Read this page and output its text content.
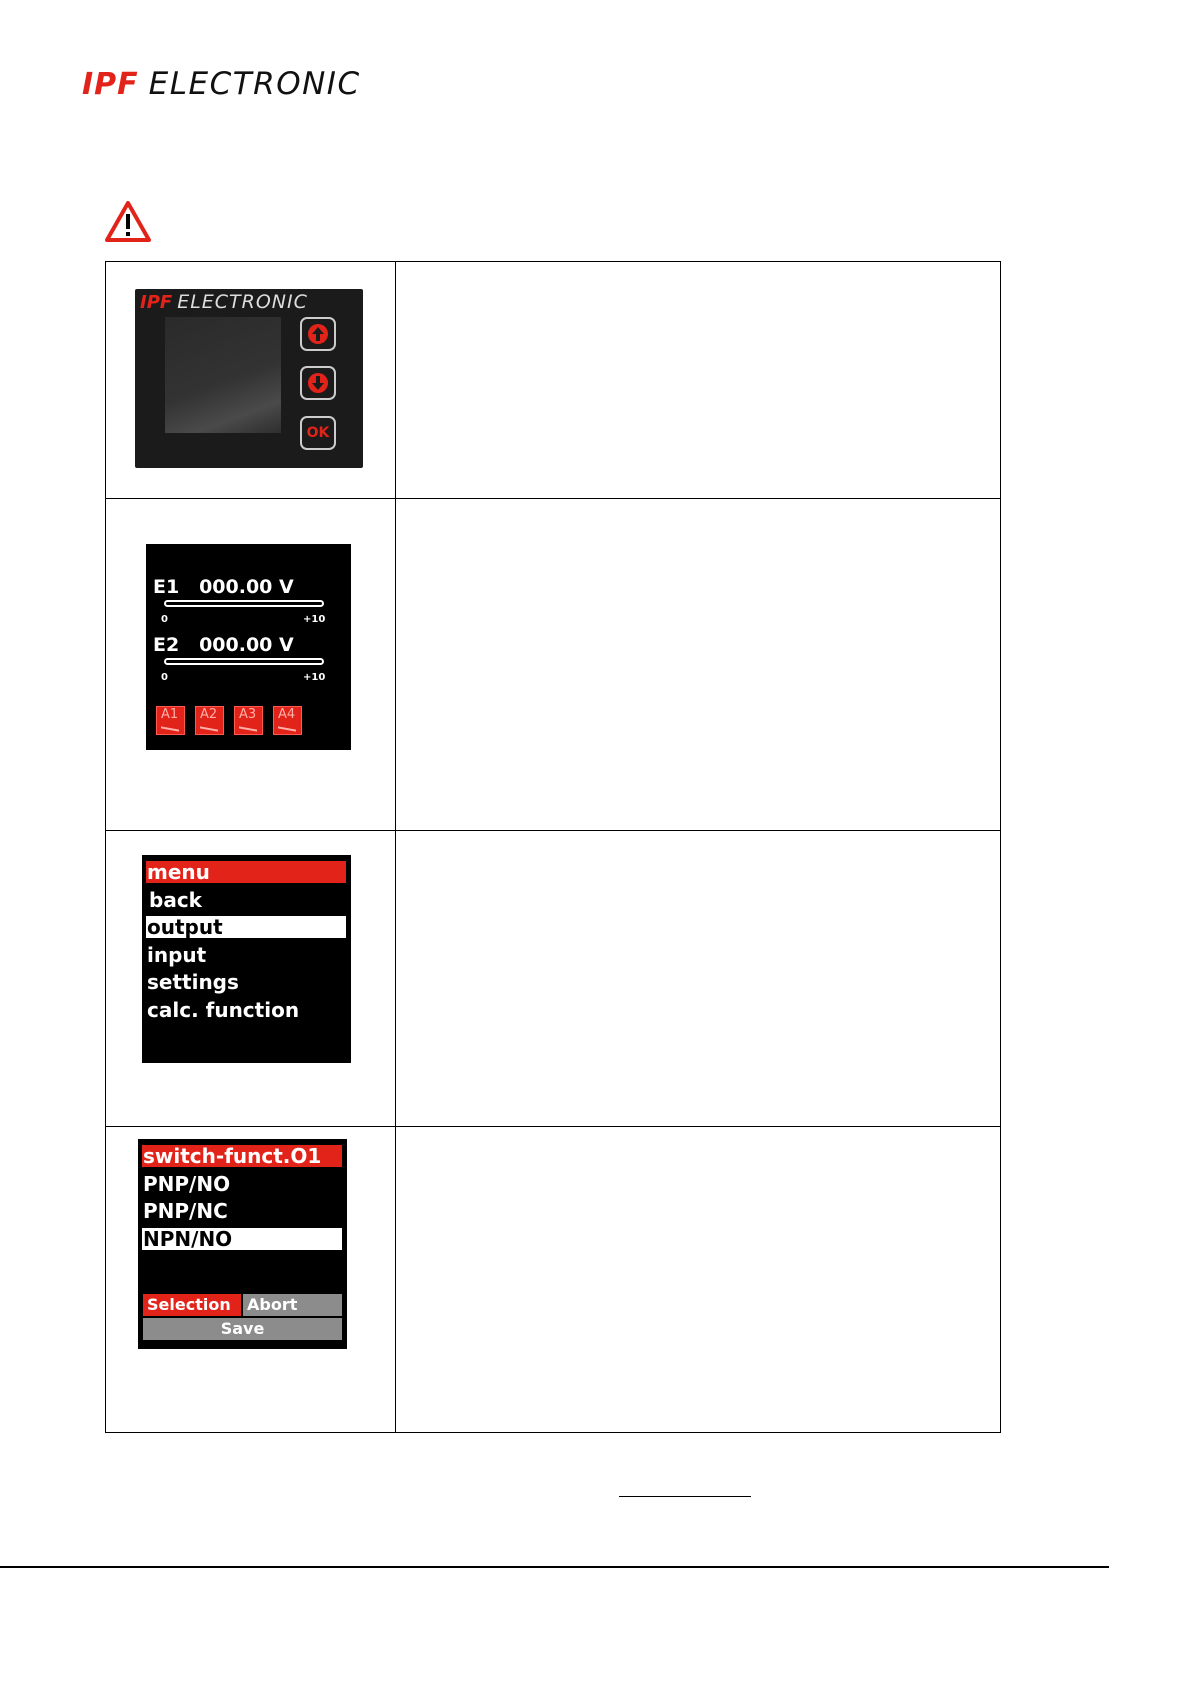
IPF ELECTRONIC
IPF ELECTRONIC
OK
E1 000.00 V
0	+10
E2 000.00 V
0	+10
A1 A2 A3 A4
menu
back
output
input
settings
calc. function
switch-funct.O1
PNP/NO
PNP/NC
NPN/NO
Selection	Abort
Save
